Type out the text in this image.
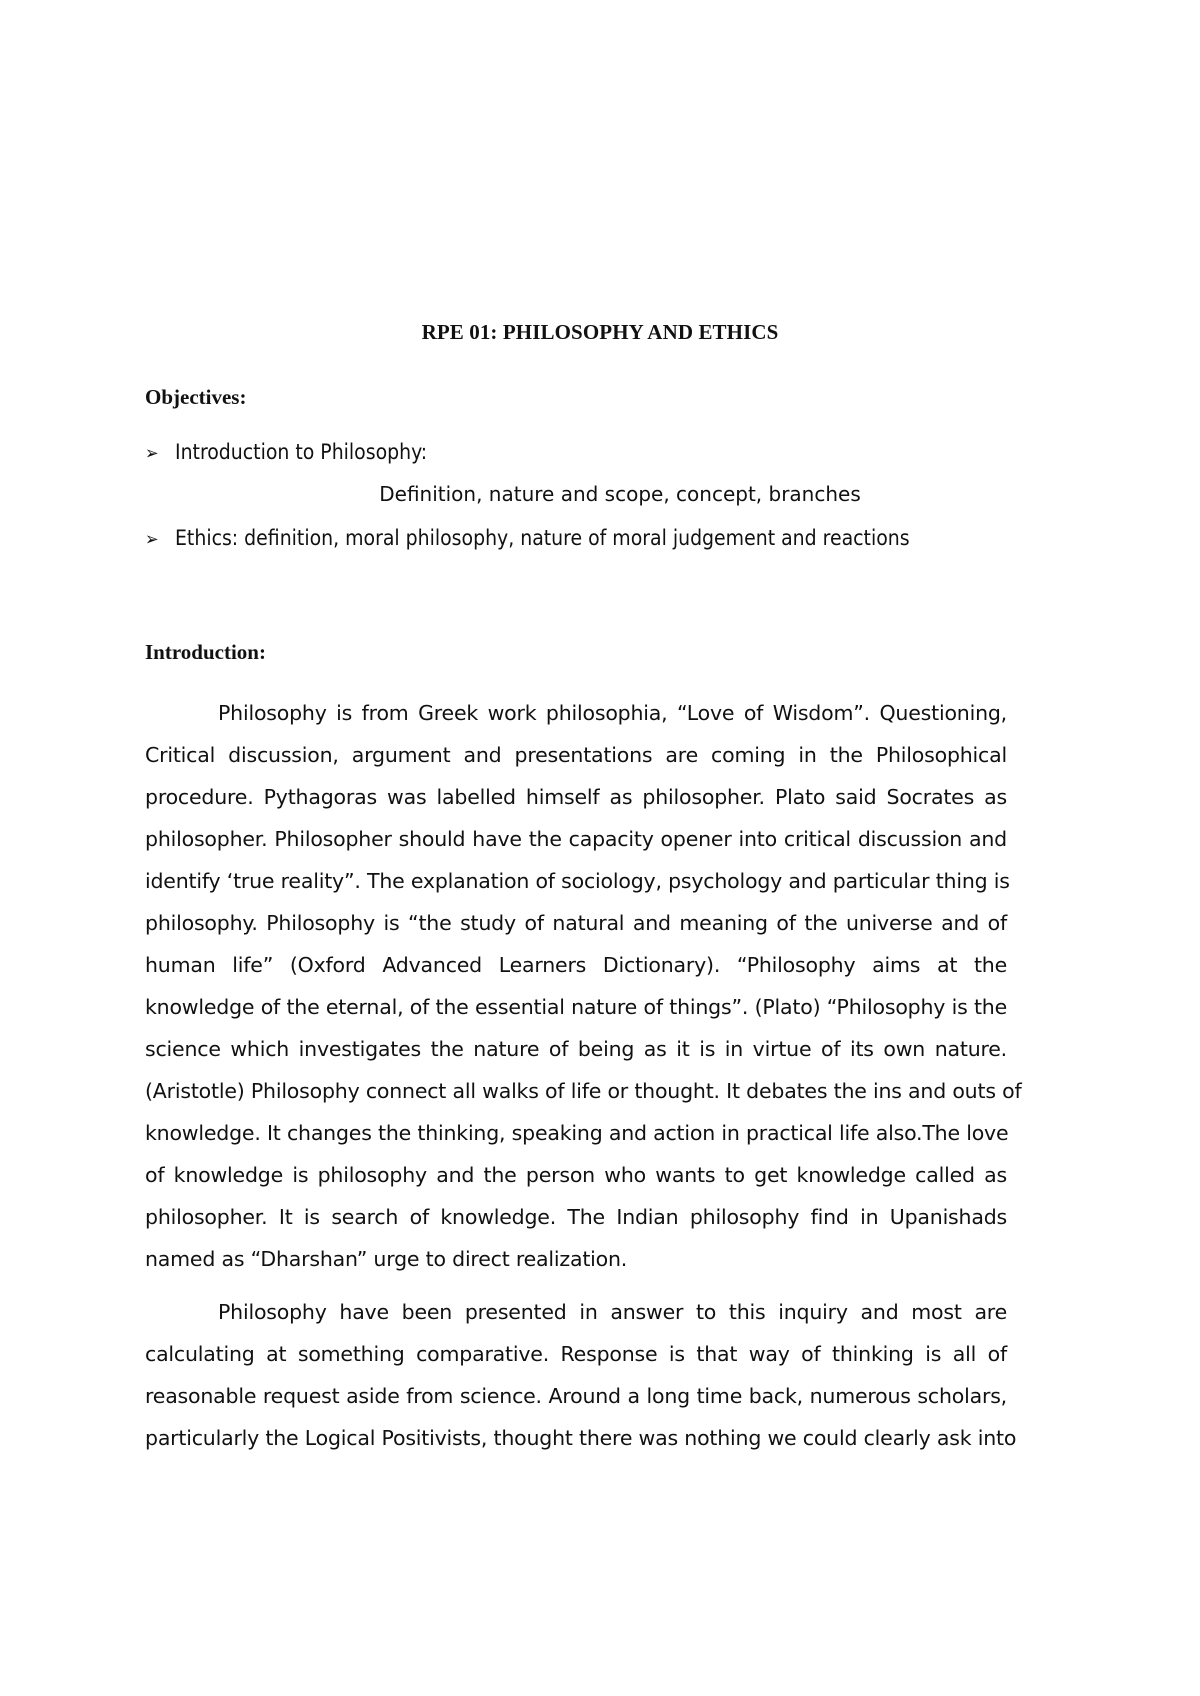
RPE 01: PHILOSOPHY AND ETHICS
Objectives:
➢ Introduction to Philosophy:
Definition, nature and scope, concept, branches
➢ Ethics: definition, moral philosophy, nature of moral judgement and reactions
Introduction:
Philosophy is from Greek work philosophia, “Love of Wisdom”. Questioning,
Critical discussion, argument and presentations are coming in the Philosophical
procedure. Pythagoras was labelled himself as philosopher. Plato said Socrates as
philosopher. Philosopher should have the capacity opener into critical discussion and
identify ‘true reality”. The explanation of sociology, psychology and particular thing is
philosophy. Philosophy is “the study of natural and meaning of the universe and of
human life” (Oxford Advanced Learners Dictionary). “Philosophy aims at the
knowledge of the eternal, of the essential nature of things”. (Plato) “Philosophy is the
science which investigates the nature of being as it is in virtue of its own nature.
(Aristotle) Philosophy connect all walks of life or thought. It debates the ins and outs of
knowledge. It changes the thinking, speaking and action in practical life also.The love
of knowledge is philosophy and the person who wants to get knowledge called as
philosopher. It is search of knowledge. The Indian philosophy find in Upanishads
named as “Dharshan” urge to direct realization.
Philosophy have been presented in answer to this inquiry and most are
calculating at something comparative. Response is that way of thinking is all of
reasonable request aside from science. Around a long time back, numerous scholars,
particularly the Logical Positivists, thought there was nothing we could clearly ask into
